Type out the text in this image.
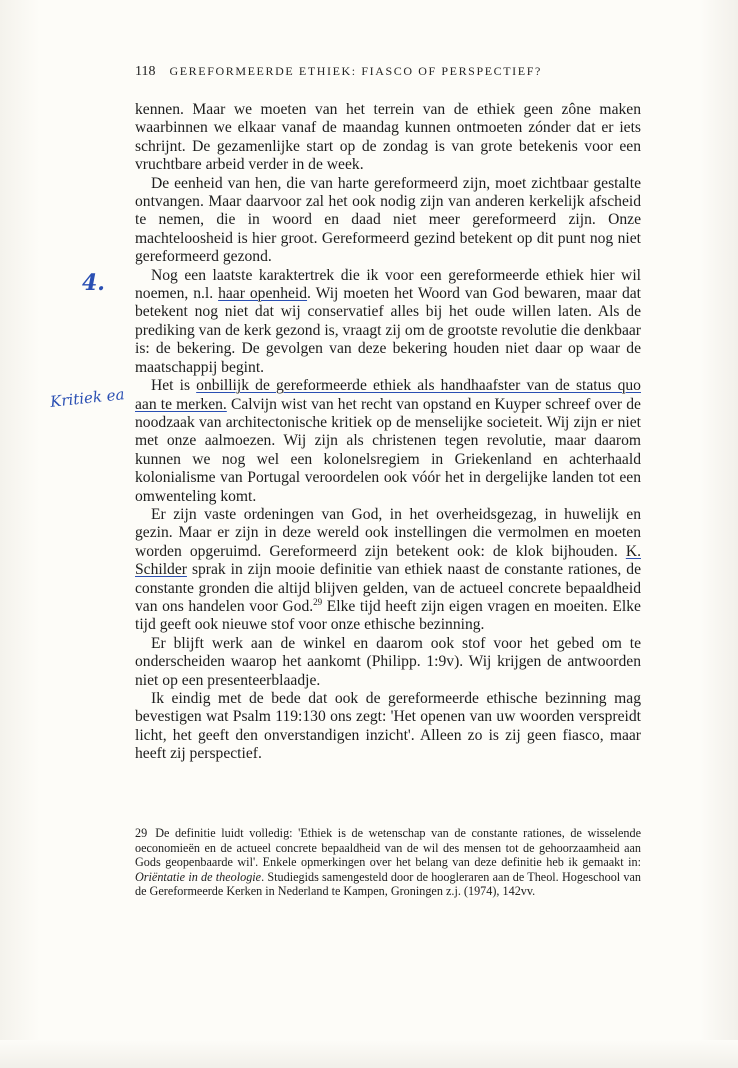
118 GEREFORMEERDE ETHIEK: FIASCO OF PERSPECTIEF?
4.
Kritiek ea

kennen. Maar we moeten van het terrein van de ethiek geen zône maken waarbinnen we elkaar vanaf de maandag kunnen ontmoeten zónder dat er iets schrijnt. De gezamenlijke start op de zondag is van grote betekenis voor een vruchtbare arbeid verder in de week.

De eenheid van hen, die van harte gereformeerd zijn, moet zichtbaar gestalte ontvangen. Maar daarvoor zal het ook nodig zijn van anderen kerkelijk afscheid te nemen, die in woord en daad niet meer gereformeerd zijn. Onze machteloosheid is hier groot. Gereformeerd gezind betekent op dit punt nog niet gereformeerd gezond.

Nog een laatste karaktertrek die ik voor een gereformeerde ethiek hier wil noemen, n.l. haar openheid. Wij moeten het Woord van God bewaren, maar dat betekent nog niet dat wij conservatief alles bij het oude willen laten. Als de prediking van de kerk gezond is, vraagt zij om de grootste revolutie die denkbaar is: de bekering. De gevolgen van deze bekering houden niet daar op waar de maatschappij begint.

Het is onbillijk de gereformeerde ethiek als handhaafster van de status quo aan te merken. Calvijn wist van het recht van opstand en Kuyper schreef over de noodzaak van architectonische kritiek op de menselijke societeit. Wij zijn er niet met onze aalmoezen. Wij zijn als christenen tegen revolutie, maar daarom kunnen we nog wel een kolonelsregiem in Griekenland en achterhaald kolonialisme van Portugal veroordelen ook vóór het in dergelijke landen tot een omwenteling komt.

Er zijn vaste ordeningen van God, in het overheidsgezag, in huwelijk en gezin. Maar er zijn in deze wereld ook instellingen die vermolmen en moeten worden opgeruimd. Gereformeerd zijn betekent ook: de klok bijhouden. K. Schilder sprak in zijn mooie definitie van ethiek naast de constante rationes, de constante gronden die altijd blijven gelden, van de actueel concrete bepaaldheid van ons handelen voor God.$^{29}$ Elke tijd heeft zijn eigen vragen en moeiten. Elke tijd geeft ook nieuwe stof voor onze ethische bezinning.

Er blijft werk aan de winkel en daarom ook stof voor het gebed om te onderscheiden waarop het aankomt (Philipp. 1:9v). Wij krijgen de antwoorden niet op een presenteerblaadje.

Ik eindig met de bede dat ook de gereformeerde ethische bezinning mag bevestigen wat Psalm 119:130 ons zegt: 'Het openen van uw woorden verspreidt licht, het geeft den onverstandigen inzicht'. Alleen zo is zij geen fiasco, maar heeft zij perspectief.

29 De definitie luidt volledig: 'Ethiek is de wetenschap van de constante rationes, de wisselende oeconomieën en de actueel concrete bepaaldheid van de wil des mensen tot de gehoorzaamheid aan Gods geopenbaarde wil'. Enkele opmerkingen over het belang van deze definitie heb ik gemaakt in: Oriëntatie in de theologie. Studiegids samengesteld door de hoogleraren aan de Theol. Hogeschool van de Gereformeerde Kerken in Nederland te Kampen, Groningen z.j. (1974), 142vv.
